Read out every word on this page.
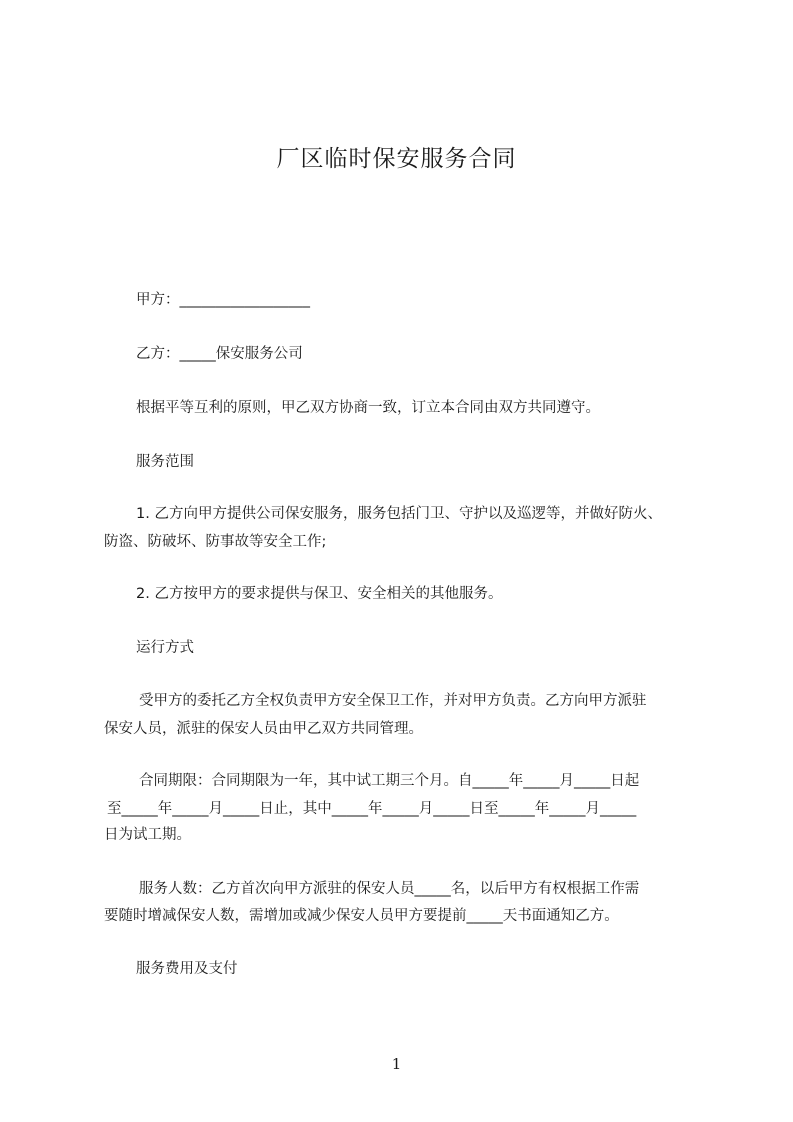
厂区临时保安服务合同
甲方：__________________
乙方：_____保安服务公司
根据平等互利的原则，甲乙双方协商一致，订立本合同由双方共同遵守。
服务范围
1. 乙方向甲方提供公司保安服务，服务包括门卫、守护以及巡逻等，并做好防火、
防盗、防破坏、防事故等安全工作;
2. 乙方按甲方的要求提供与保卫、安全相关的其他服务。
运行方式
受甲方的委托乙方全权负责甲方安全保卫工作，并对甲方负责。乙方向甲方派驻
保安人员，派驻的保安人员由甲乙双方共同管理。
合同期限：合同期限为一年，其中试工期三个月。自_____年_____月_____日起
至_____年_____月_____日止，其中_____年_____月_____日至_____年_____月_____
日为试工期。
服务人数：乙方首次向甲方派驻的保安人员_____名，以后甲方有权根据工作需
要随时增减保安人数，需增加或减少保安人员甲方要提前_____天书面通知乙方。
服务费用及支付
1
